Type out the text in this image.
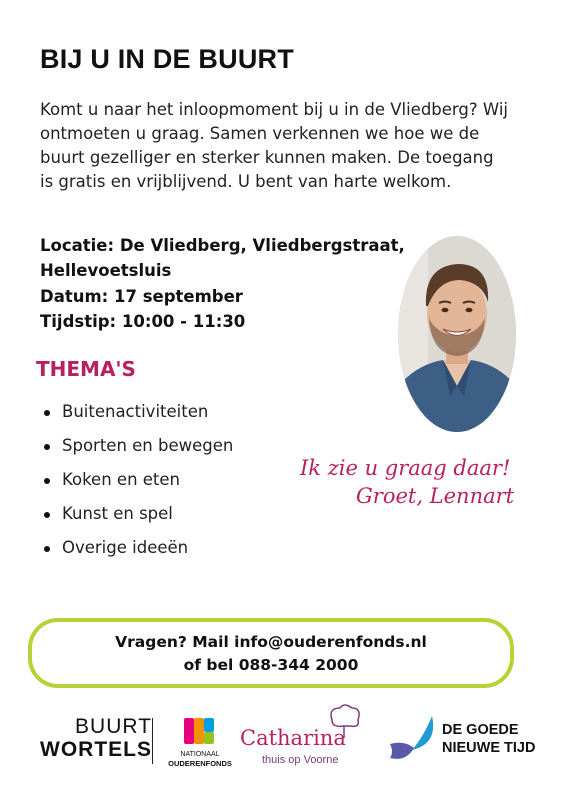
BIJ U IN DE BUURT
Komt u naar het inloopmoment bij u in de Vliedberg? Wij ontmoeten u graag. Samen verkennen we hoe we de buurt gezelliger en sterker kunnen maken. De toegang is gratis en vrijblijvend. U bent van harte welkom.
Locatie: De Vliedberg, Vliedbergstraat,
Hellevoetsluis
Datum: 17 september
Tijdstip: 10:00 - 11:30
THEMA'S
Buitenactiviteiten
Sporten en bewegen
Koken en eten
Kunst en spel
Overige ideeën
Ik zie u graag daar!
Groet, Lennart
Vragen? Mail info@ouderenfonds.nl
of bel 088-344 2000
BUURT
WORTELS	NATIONAAL
OUDERENFONDS
Catharina
thuis op Voorne
DE GOEDE
NIEUWE TIJD
